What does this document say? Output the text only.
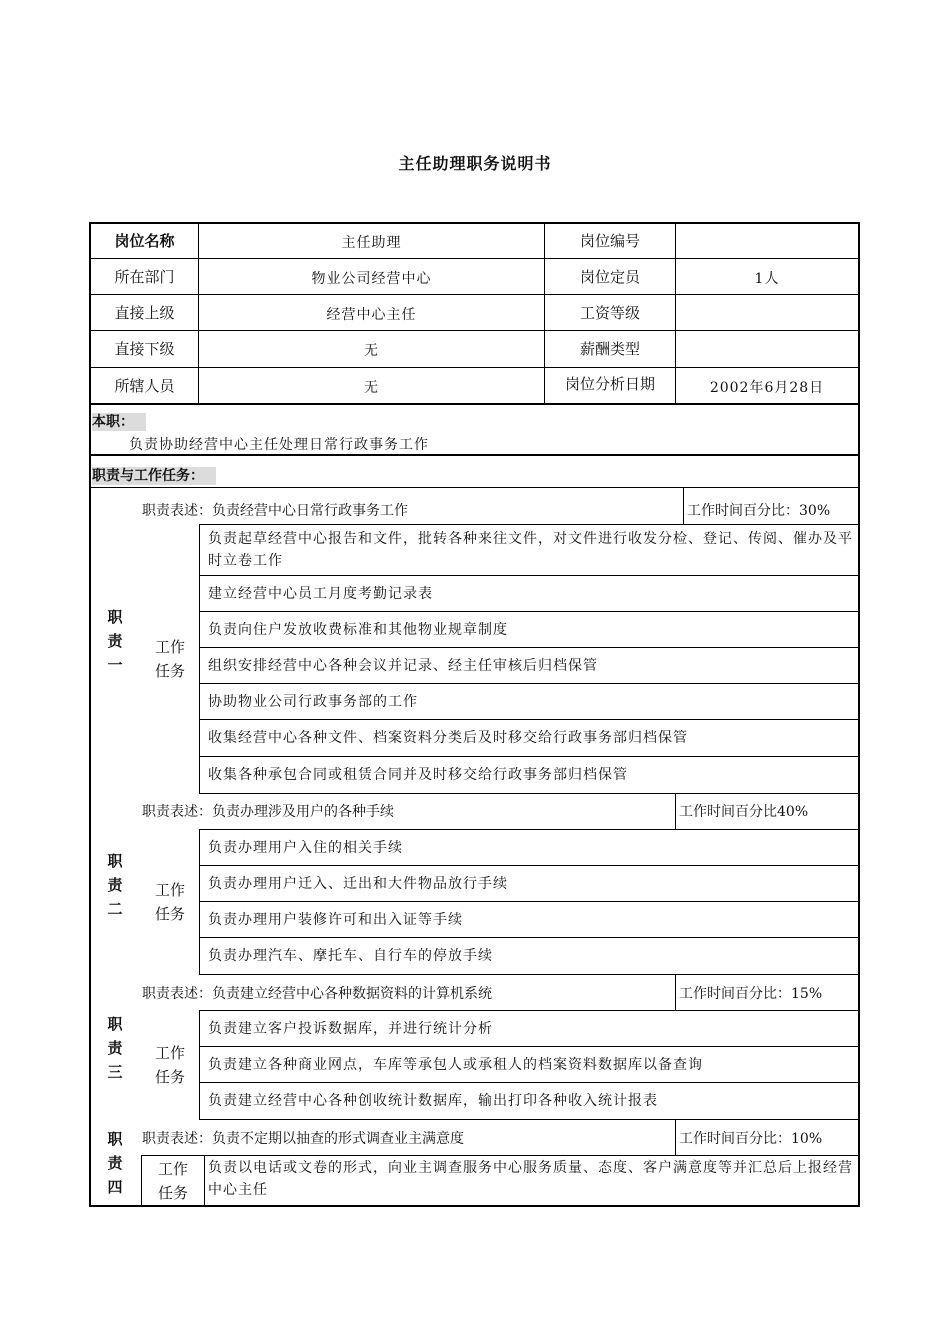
主任助理职务说明书
岗位名称	主任助理	岗位编号
所在部门	物业公司经营中心	岗位定员	1人
直接上级	经营中心主任	工资等级
直接下级	无	薪酬类型
所辖人员	无	岗位分析日期	2002年6月28日
本职：
负责协助经营中心主任处理日常行政事务工作
职责与工作任务：
职责表述：负责经营中心日常行政事务工作	工作时间百分比：30%
职责一
工作任务
负责起草经营中心报告和文件，批转各种来往文件，对文件进行收发分检、登记、传阅、催办及平时立卷工作
建立经营中心员工月度考勤记录表
负责向住户发放收费标准和其他物业规章制度
组织安排经营中心各种会议并记录、经主任审核后归档保管
协助物业公司行政事务部的工作
收集经营中心各种文件、档案资料分类后及时移交给行政事务部归档保管
收集各种承包合同或租赁合同并及时移交给行政事务部归档保管
职责表述：负责办理涉及用户的各种手续	工作时间百分比40%
职责二
工作任务
负责办理用户入住的相关手续
负责办理用户迁入、迁出和大件物品放行手续
负责办理用户装修许可和出入证等手续
负责办理汽车、摩托车、自行车的停放手续
职责表述：负责建立经营中心各种数据资料的计算机系统	工作时间百分比：15%
职责三
工作任务
负责建立客户投诉数据库，并进行统计分析
负责建立各种商业网点，车库等承包人或承租人的档案资料数据库以备查询
负责建立经营中心各种创收统计数据库，输出打印各种收入统计报表
职责表述：负责不定期以抽查的形式调查业主满意度	工作时间百分比：10%
职责四
工作任务
负责以电话或文卷的形式，向业主调查服务中心服务质量、态度、客户满意度等并汇总后上报经营中心主任
